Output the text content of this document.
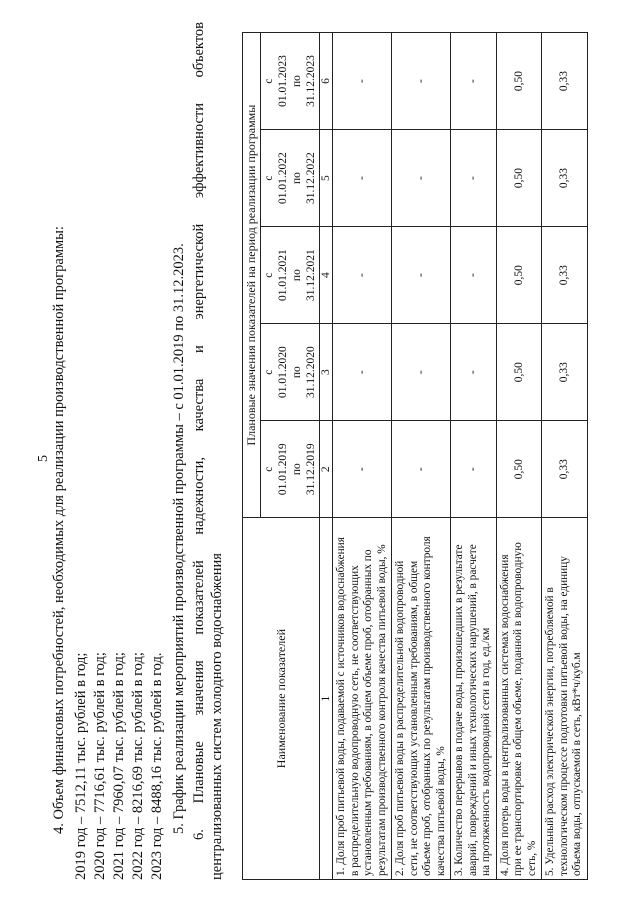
5 4. Объем финансовых потребностей, необходимых для реализации производственной программы: 2019 год – 7512,11 тыс. рублей в год; 2020 год – 7716,61 тыс. рублей в год; 2021 год – 7960,07 тыс. рублей в год; 2022 год – 8216,69 тыс. рублей в год; 2023 год – 8488,16 тыс. рублей в год. 5. График реализации мероприятий производственной программы – с 01.01.2019 по 31.12.2023.
6.
Плановые
значения
показателей
надежности,
качества
и
энергетической
эффективности
объектов
централизованных систем холодного водоснабжения	Наименование показателей	Плановые значения показателей на период реализации программы				

	с 01.01.2019 по 31.12.2019	с 01.01.2020 по 31.12.2020	с 01.01.2021 по 31.12.2021	с 01.01.2022 по 31.12.2022	с 01.01.2023 по 31.12.2023

1	2	3	4	5	6

1. Доля проб питьевой воды, подаваемой с источников водоснабжения в распределительную водопроводную сеть, не соответствующих установленным требованиям, в общем объеме проб, отобранных по результатам производственного контроля качества питьевой воды, %	-	-	-	-	-

2. Доля проб питьевой воды в распределительной водопроводной сети, не соответствующих установленным требованиям, в общем объеме проб, отобранных по результатам производственного контроля качества питьевой воды, %	-	-	-	-	-

3. Количество перерывов в подаче воды, произошедших в результате аварий, повреждений и иных технологических нарушений, в расчете на протяженность водопроводной сети в год, ед./км	-	-	-	-	-

4. Доля потерь воды в централизованных системах водоснабжения при ее транспортировке в общем объеме, поданной в водопроводную сеть, %	0,50	0,50	0,50	0,50	0,50

5. Удельный расход электрической энергии, потребляемой в технологическом процессе подготовки питьевой воды, на единицу объема воды, отпускаемой в сеть, кВт*ч/куб.м	0,33	0,33	0,33	0,33	0,33
